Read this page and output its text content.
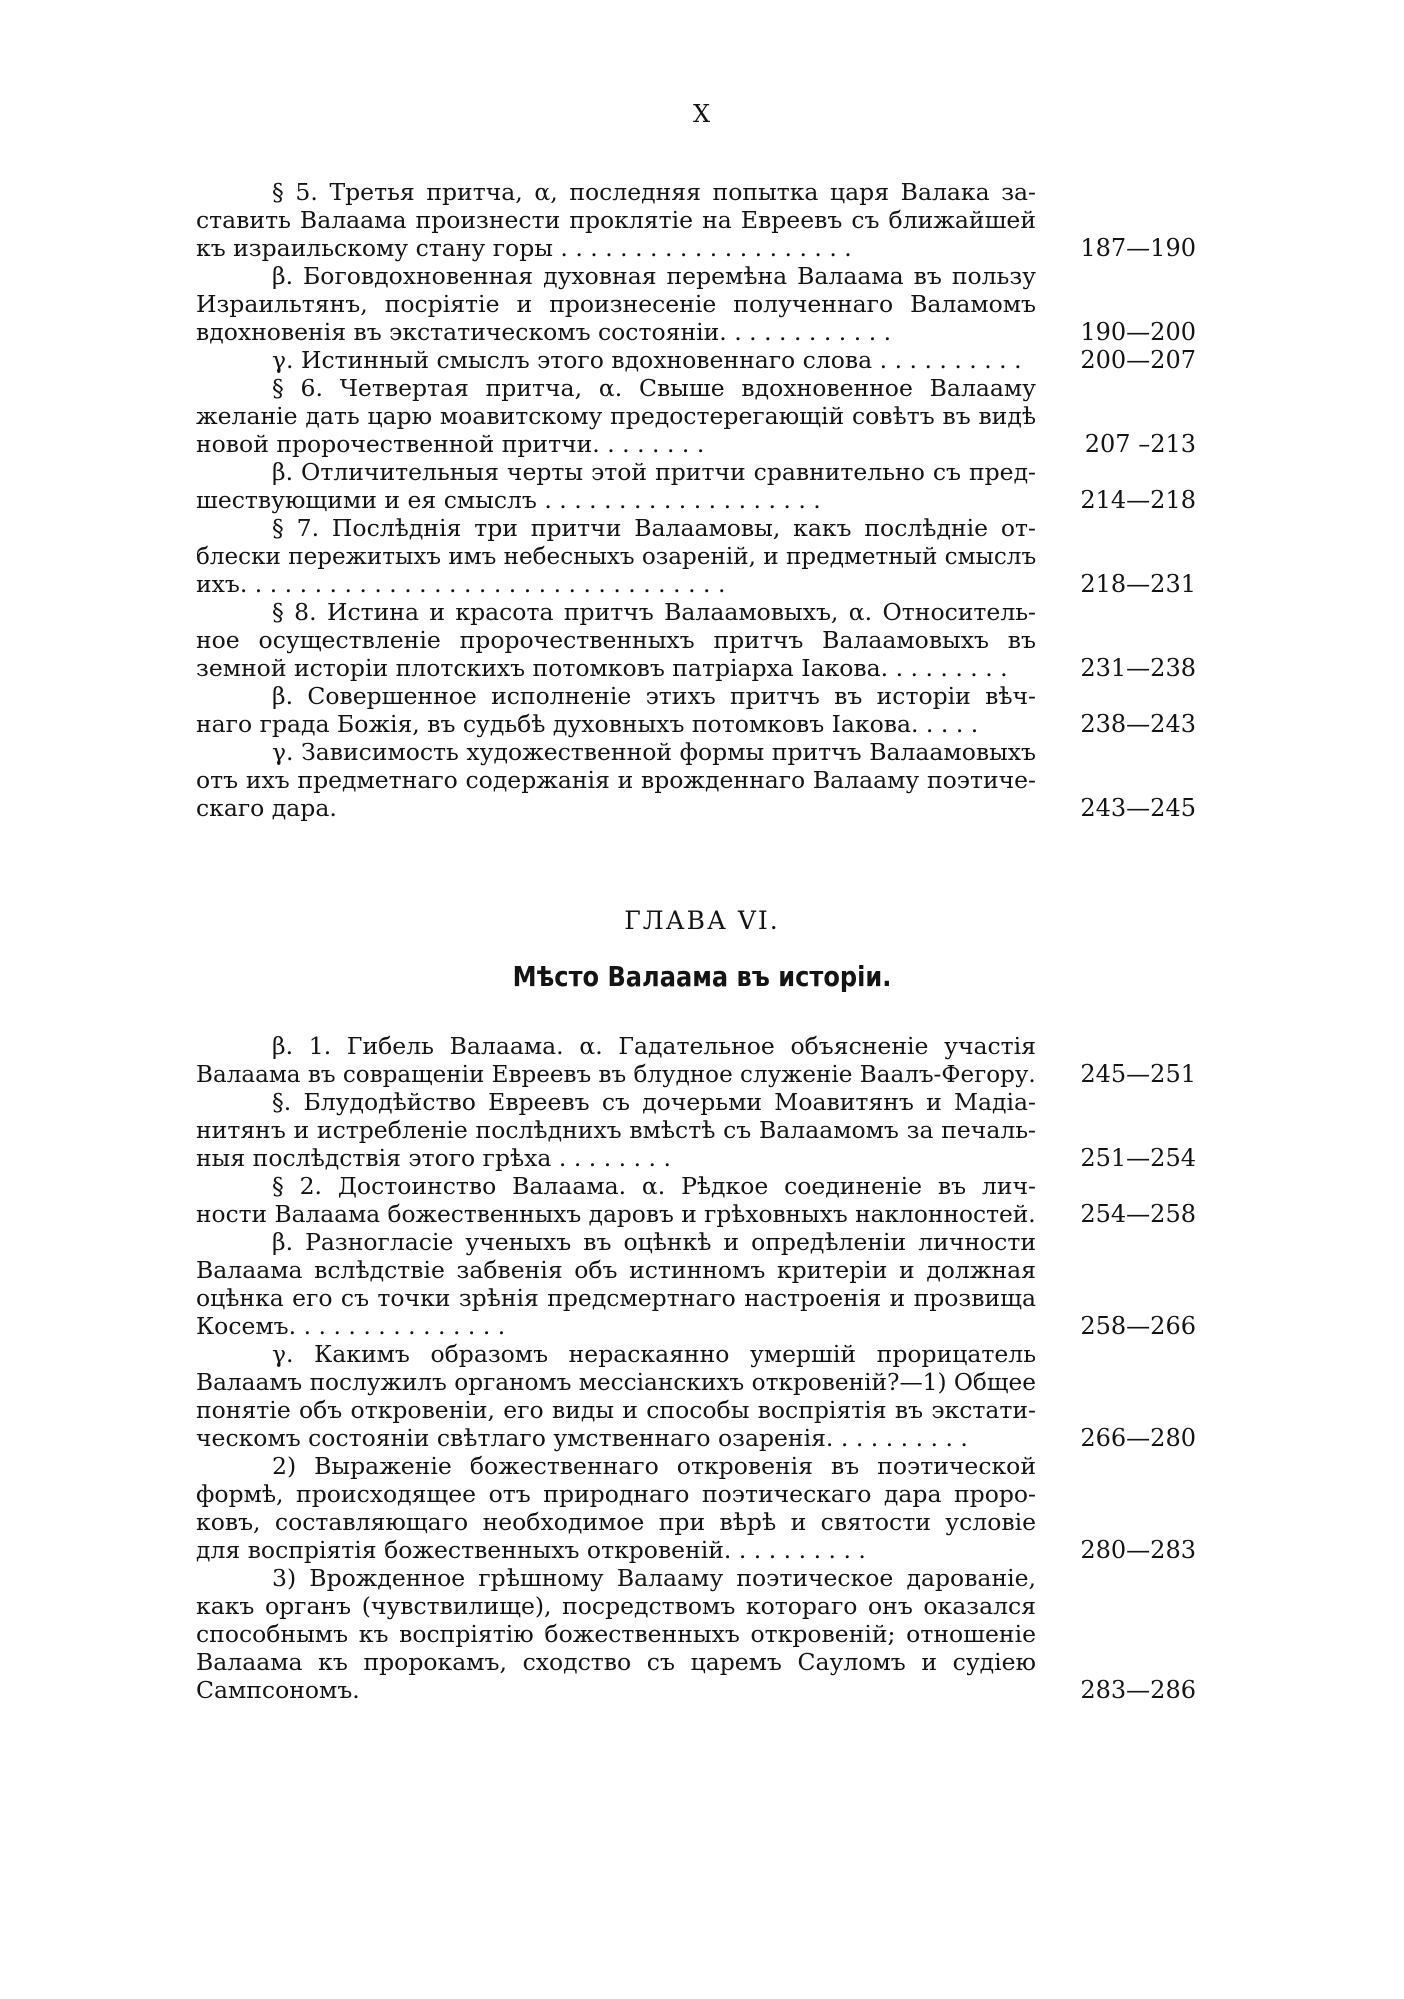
X
§ 5. Третья притча, α, последняя попытка царя Валака за-
ставить Валаама произнести проклятіе на Евреевъ съ ближайшей
къ израильскому стану горы . . . . . . . . . . . . . . . . . . . .	187—190
β. Боговдохновенная духовная перемѣна Валаама въ пользу
Израильтянъ, посріятіе и произнесеніе полученнаго Валамомъ
вдохновенія въ экстатическомъ состояніи. . . . . . . . . . . .	190—200
γ. Истинный смыслъ этого вдохновеннаго слова . . . . . . . . . .	200—207
§ 6. Четвертая притча, α. Свыше вдохновенное Валааму
желаніе дать царю моавитскому предостерегающій совѣтъ въ видѣ
новой пророчественной притчи. . . . . . . .	207 –213
β. Отличительныя черты этой притчи сравнительно съ пред-
шествующими и ея смыслъ . . . . . . . . . . . . . . . . . . .	214—218
§ 7. Послѣднія три притчи Валаамовы, какъ послѣдніе от-
блески пережитыхъ имъ небесныхъ озареній, и предметный смыслъ
ихъ. . . . . . . . . . . . . . . . . . . . . . . . . . . . . . . . .	218—231
§ 8. Истина и красота притчъ Валаамовыхъ, α. Относитель-
ное осуществленіе пророчественныхъ притчъ Валаамовыхъ въ
земной исторіи плотскихъ потомковъ патріарха Іакова. . . . . . . . .	231—238
β. Совершенное исполненіе этихъ притчъ въ исторіи вѣч-
наго града Божія, въ судьбѣ духовныхъ потомковъ Іакова. . . . .	238—243
γ. Зависимость художественной формы притчъ Валаамовыхъ
отъ ихъ предметнаго содержанія и врожденнаго Валааму поэтиче-
скаго дара.	243—245
ГЛАВА VI.
Мѣсто Валаама въ исторіи.
β. 1. Гибель Валаама. α. Гадательное объясненіе участія
Валаама въ совращеніи Евреевъ въ блудное служеніе Ваалъ-Фегору.	245—251
§. Блудодѣйство Евреевъ съ дочерьми Моавитянъ и Мадіа-
нитянъ и истребленіе послѣднихъ вмѣстѣ съ Валаамомъ за печаль-
ныя послѣдствія этого грѣха . . . . . . . .	251—254
§ 2. Достоинство Валаама. α. Рѣдкое соединеніе въ лич-
ности Валаама божественныхъ даровъ и грѣховныхъ наклонностей.	254—258
β. Разногласіе ученыхъ въ оцѣнкѣ и опредѣленіи личности
Валаама вслѣдствіе забвенія объ истинномъ критеріи и должная
оцѣнка его съ точки зрѣнія предсмертнаго настроенія и прозвища
Косемъ. . . . . . . . . . . . . . .	258—266
γ. Какимъ образомъ нераскаянно умершій прорицатель
Валаамъ послужилъ органомъ мессіанскихъ откровеній?—1) Общее
понятіе объ откровеніи, его виды и способы воспріятія въ экстати-
ческомъ состояніи свѣтлаго умственнаго озаренія. . . . . . . . . .	266—280
2) Выраженіе божественнаго откровенія въ поэтической
формѣ, происходящее отъ природнаго поэтическаго дара проро-
ковъ, составляющаго необходимое при вѣрѣ и святости условіе
для воспріятія божественныхъ откровеній. . . . . . . . . .	280—283
3) Врожденное грѣшному Валааму поэтическое дарованіе,
какъ органъ (чувствилище), посредствомъ котораго онъ оказался
способнымъ къ воспріятію божественныхъ откровеній; отношеніе
Валаама къ пророкамъ, сходство съ царемъ Сауломъ и судіею
Сампсономъ.	283—286
